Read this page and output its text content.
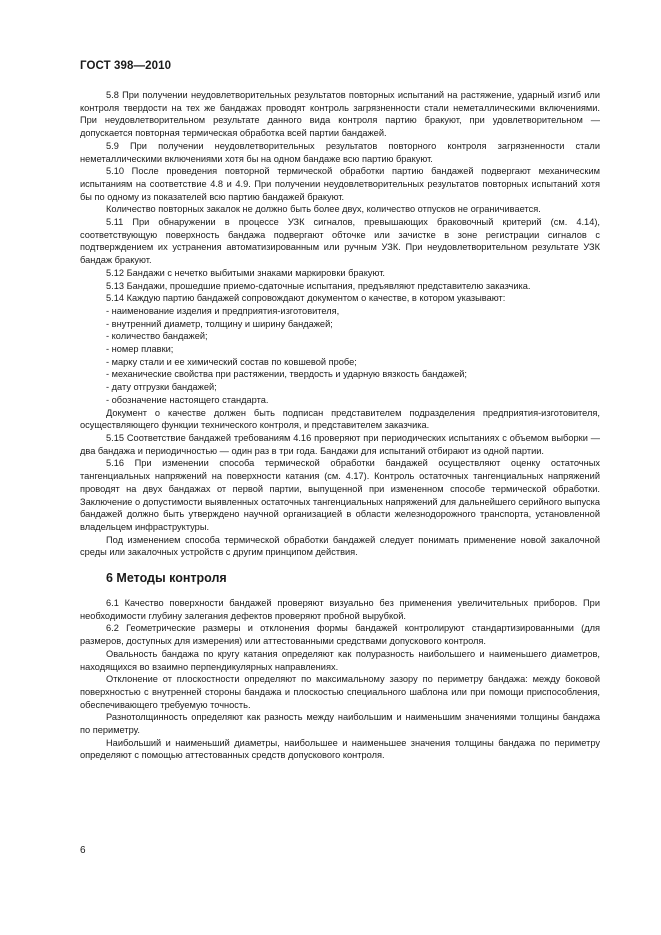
ГОСТ 398—2010

5.8 При получении неудовлетворительных результатов повторных испытаний на растяжение, ударный изгиб или контроля твердости на тех же бандажах проводят контроль загрязненности стали неметаллическими включениями. При неудовлетворительном результате данного вида контроля партию бракуют, при удовлетворительном — допускается повторная термическая обработка всей партии бандажей.

5.9 При получении неудовлетворительных результатов повторного контроля загрязненности стали неметаллическими включениями хотя бы на одном бандаже всю партию бракуют.

5.10 После проведения повторной термической обработки партию бандажей подвергают механическим испытаниям на соответствие 4.8 и 4.9. При получении неудовлетворительных результатов повторных испытаний хотя бы по одному из показателей всю партию бандажей бракуют.

Количество повторных закалок не должно быть более двух, количество отпусков не ограничивается.

5.11 При обнаружении в процессе УЗК сигналов, превышающих браковочный критерий (см. 4.14), соответствующую поверхность бандажа подвергают обточке или зачистке в зоне регистрации сигналов с подтверждением их устранения автоматизированным или ручным УЗК. При неудовлетворительном результате УЗК бандаж бракуют.

5.12 Бандажи с нечетко выбитыми знаками маркировки бракуют.

5.13 Бандажи, прошедшие приемо-сдаточные испытания, предъявляют представителю заказчика.

5.14 Каждую партию бандажей сопровождают документом о качестве, в котором указывают:

- наименование изделия и предприятия-изготовителя,

- внутренний диаметр, толщину и ширину бандажей;

- количество бандажей;

- номер плавки;

- марку стали и ее химический состав по ковшевой пробе;

- механические свойства при растяжении, твердость и ударную вязкость бандажей;

- дату отгрузки бандажей;

- обозначение настоящего стандарта.

Документ о качестве должен быть подписан представителем подразделения предприятия-изготовителя, осуществляющего функции технического контроля, и представителем заказчика.

5.15 Соответствие бандажей требованиям 4.16 проверяют при периодических испытаниях с объемом выборки — два бандажа и периодичностью — один раз в три года. Бандажи для испытаний отбирают из одной партии.

5.16 При изменении способа термической обработки бандажей осуществляют оценку остаточных тангенциальных напряжений на поверхности катания (см. 4.17). Контроль остаточных тангенциальных напряжений проводят на двух бандажах от первой партии, выпущенной при измененном способе термической обработки. Заключение о допустимости выявленных остаточных тангенциальных напряжений для дальнейшего серийного выпуска бандажей должно быть утверждено научной организацией в области железнодорожного транспорта, установленной владельцем инфраструктуры.

Под изменением способа термической обработки бандажей следует понимать применение новой закалочной среды или закалочных устройств с другим принципом действия.

6 Методы контроля

6.1 Качество поверхности бандажей проверяют визуально без применения увеличительных приборов. При необходимости глубину залегания дефектов проверяют пробной вырубкой.

6.2 Геометрические размеры и отклонения формы бандажей контролируют стандартизированными (для размеров, доступных для измерения) или аттестованными средствами допускового контроля.

Овальность бандажа по кругу катания определяют как полуразность наибольшего и наименьшего диаметров, находящихся во взаимно перпендикулярных направлениях.

Отклонение от плоскостности определяют по максимальному зазору по периметру бандажа: между боковой поверхностью с внутренней стороны бандажа и плоскостью специального шаблона или при помощи приспособления, обеспечивающего требуемую точность.

Разнотолщинность определяют как разность между наибольшим и наименьшим значениями толщины бандажа по периметру.

Наибольший и наименьший диаметры, наибольшее и наименьшее значения толщины бандажа по периметру определяют с помощью аттестованных средств допускового контроля.

6
